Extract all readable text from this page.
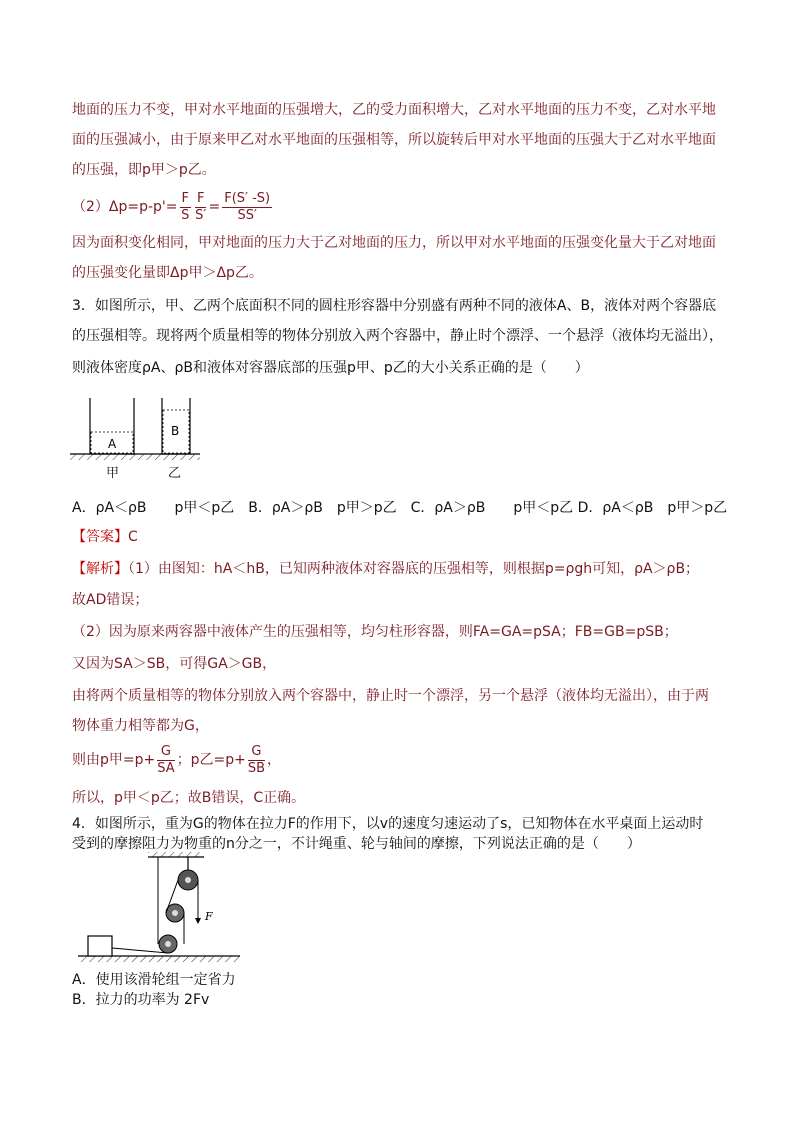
地面的压力不变，甲对水平地面的压强增大，乙的受力面积增大，乙对水平地面的压力不变，乙对水平地
面的压强减小，由于原来甲乙对水平地面的压强相等，所以旋转后甲对水平地面的压强大于乙对水平地面
的压强，即p甲＞p乙。
$(2)\Delta p=p-p'= \frac{F}{S} \frac{F}{S'} = \frac{F(S' -S)}{SS'}$
因为面积变化相同，甲对地面的压力大于乙对地面的压力，所以甲对水平地面的压强变化量大于乙对地面
的压强变化量即Δp甲＞Δp乙。
3．如图所示，甲、乙两个底面积不同的圆柱形容器中分别盛有两种不同的液体A、B，液体对两个容器底
的压强相等。现将两个质量相等的物体分别放入两个容器中，静止时个漂浮、一个悬浮（液体均无溢出），
则液体密度ρA、ρB和液体对容器底部的压强p甲、p乙的大小关系正确的是（　　）
A
B
甲	乙
A．ρA＜ρB　　p甲＜p乙　B．ρA＞ρB　p甲＞p乙　C．ρA＞ρB　　p甲＜p乙 D．ρA＜ρB　p甲＞p乙
【答案】C
【解析】（1）由图知：hA＜hB，已知两种液体对容器底的压强相等，则根据p=ρgh可知，ρA＞ρB；
故AD错误；
（2）因为原来两容器中液体产生的压强相等，均匀柱形容器，则FA=GA=pSA；FB=GB=pSB；
又因为SA＞SB，可得GA＞GB，
由将两个质量相等的物体分别放入两个容器中，静止时一个漂浮，另一个悬浮（液体均无溢出），由于两
物体重力相等都为G，
则由p甲$=p+ \frac{G}{SA}$ ；p乙$=p+ \frac{G}{SB}$ ，
所以，p甲＜p乙；故B错误，C正确。
4．如图所示，重为G的物体在拉力F的作用下，以v的速度匀速运动了s，已知物体在水平桌面上运动时
受到的摩擦阻力为物重的n分之一，不计绳重、轮与轴间的摩擦，下列说法正确的是（　　）
F
A．使用该滑轮组一定省力
B．拉力的功率为 2Fv
